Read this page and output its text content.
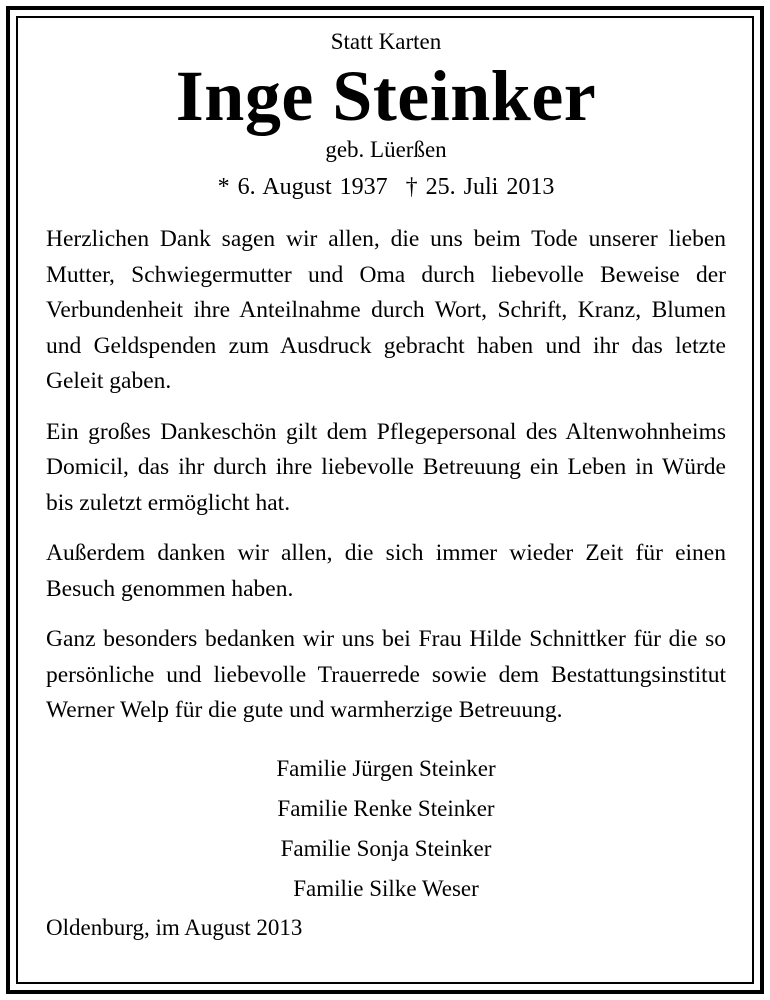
Statt Karten

Inge Steinker

geb. Lüerßen

* 6. August 1937 † 25. Juli 2013

Herzlichen Dank sagen wir allen, die uns beim Tode unserer lieben Mutter, Schwiegermutter und Oma durch liebevolle Beweise der Verbundenheit ihre Anteilnahme durch Wort, Schrift, Kranz, Blumen und Geldspenden zum Ausdruck gebracht haben und ihr das letzte Geleit gaben.

Ein großes Dankeschön gilt dem Pflegepersonal des Altenwohnheims Domicil, das ihr durch ihre liebevolle Betreuung ein Leben in Würde bis zuletzt ermöglicht hat.

Außerdem danken wir allen, die sich immer wieder Zeit für einen Besuch genommen haben.

Ganz besonders bedanken wir uns bei Frau Hilde Schnittker für die so persönliche und liebevolle Trauerrede sowie dem Bestattungsinstitut Werner Welp für die gute und warmherzige Betreuung.

Familie Jürgen Steinker

Familie Renke Steinker

Familie Sonja Steinker

Familie Silke Weser

Oldenburg, im August 2013
